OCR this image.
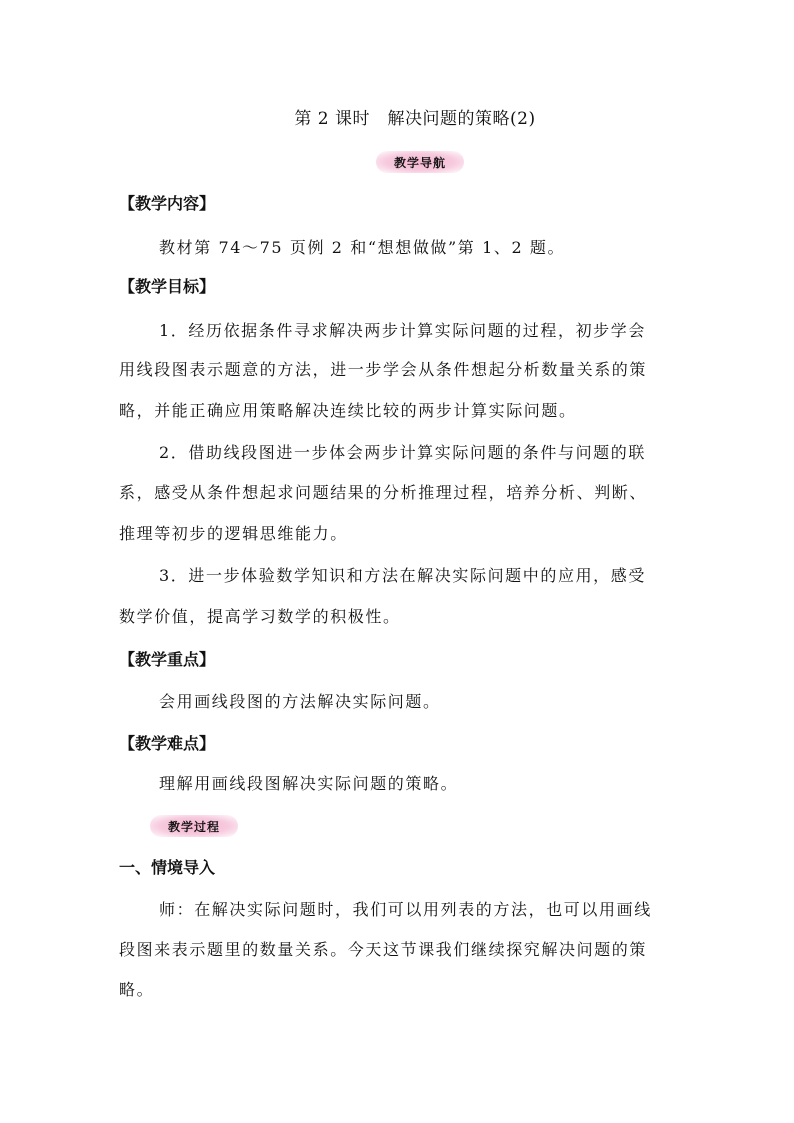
第 2 课时　解决问题的策略(2)
教学导航
【教学内容】
教材第 74～75 页例 2 和“想想做做”第 1、2 题。
【教学目标】
1．经历依据条件寻求解决两步计算实际问题的过程，初步学会
用线段图表示题意的方法，进一步学会从条件想起分析数量关系的策
略，并能正确应用策略解决连续比较的两步计算实际问题。
2．借助线段图进一步体会两步计算实际问题的条件与问题的联
系，感受从条件想起求问题结果的分析推理过程，培养分析、判断、
推理等初步的逻辑思维能力。
3．进一步体验数学知识和方法在解决实际问题中的应用，感受
数学价值，提高学习数学的积极性。
【教学重点】
会用画线段图的方法解决实际问题。
【教学难点】
理解用画线段图解决实际问题的策略。
教学过程
一、情境导入
师：在解决实际问题时，我们可以用列表的方法，也可以用画线
段图来表示题里的数量关系。今天这节课我们继续探究解决问题的策
略。
